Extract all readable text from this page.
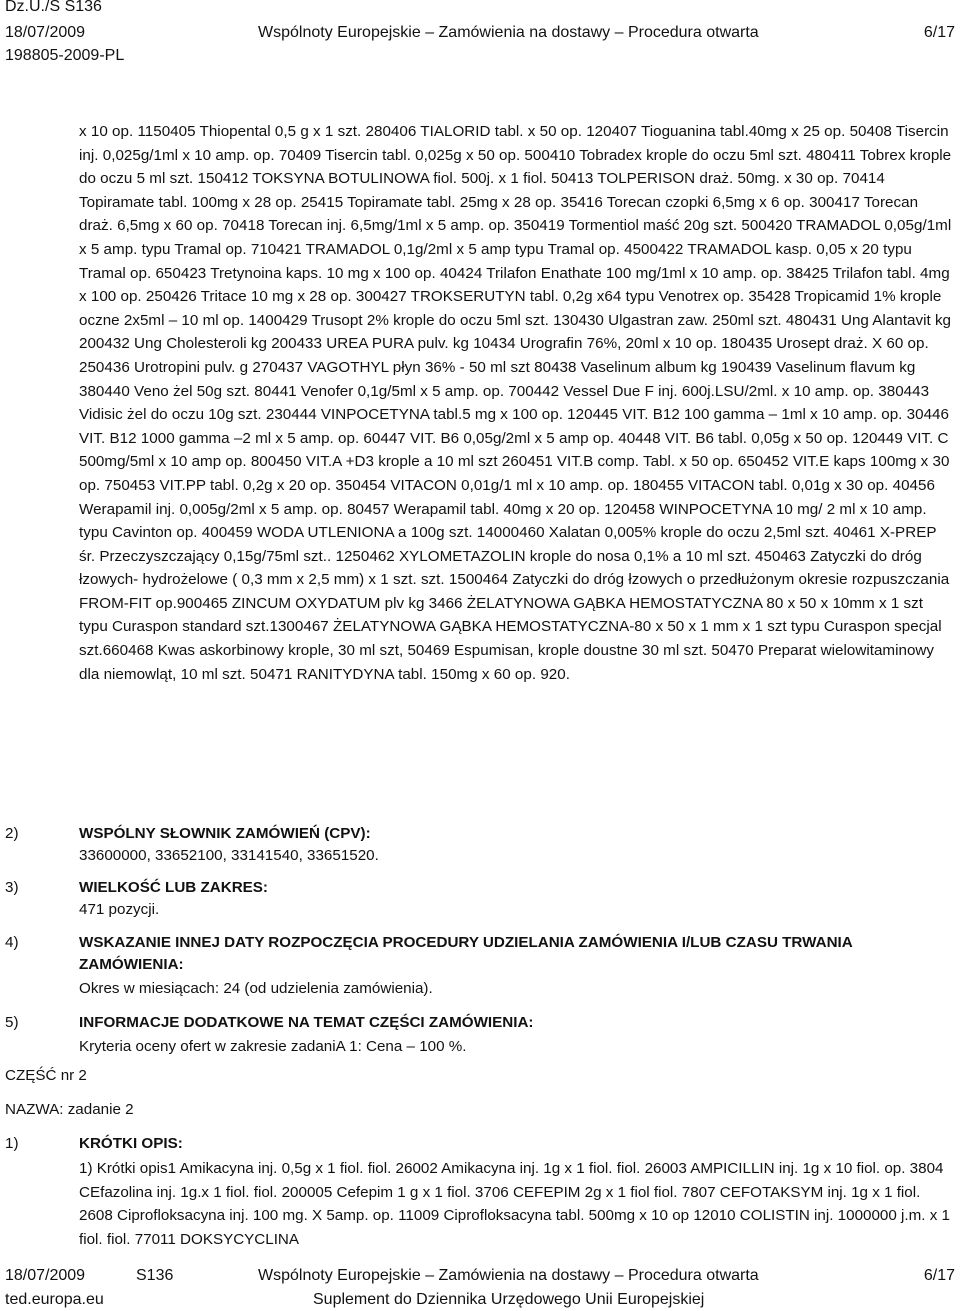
Dz.U./S S136
18/07/2009	Wspólnoty Europejskie – Zamówienia na dostawy – Procedura otwarta	6/17
198805-2009-PL
x 10 op. 1150405 Thiopental 0,5 g x 1 szt. 280406 TIALORID tabl. x 50 op. 120407 Tioguanina tabl.40mg x 25 op. 50408 Tisercin inj. 0,025g/1ml x 10 amp. op. 70409 Tisercin tabl. 0,025g x 50 op. 500410 Tobradex krople do oczu 5ml szt. 480411 Tobrex krople do oczu 5 ml szt. 150412 TOKSYNA BOTULINOWA fiol. 500j. x 1 fiol. 50413 TOLPERISON draż. 50mg. x 30 op. 70414 Topiramate tabl. 100mg x 28 op. 25415 Topiramate tabl. 25mg x 28 op. 35416 Torecan czopki 6,5mg x 6 op. 300417 Torecan draż. 6,5mg x 60 op. 70418 Torecan inj. 6,5mg/1ml x 5 amp. op. 350419 Tormentiol maść 20g szt. 500420 TRAMADOL 0,05g/1ml x 5 amp. typu Tramal op. 710421 TRAMADOL 0,1g/2ml x 5 amp typu Tramal op. 4500422 TRAMADOL kasp. 0,05 x 20 typu Tramal op. 650423 Tretynoina kaps. 10 mg x 100 op. 40424 Trilafon Enathate 100 mg/1ml x 10 amp. op. 38425 Trilafon tabl. 4mg x 100 op. 250426 Tritace 10 mg x 28 op. 300427 TROKSERUTYN tabl. 0,2g x64 typu Venotrex op. 35428 Tropicamid 1% krople oczne 2x5ml – 10 ml op. 1400429 Trusopt 2% krople do oczu 5ml szt. 130430 Ulgastran zaw. 250ml szt. 480431 Ung Alantavit kg 200432 Ung Cholesteroli kg 200433 UREA PURA pulv. kg 10434 Urografin 76%, 20ml x 10 op. 180435 Urosept draż. X 60 op. 250436 Urotropini pulv. g 270437 VAGOTHYL płyn 36% - 50 ml szt 80438 Vaselinum album kg 190439 Vaselinum flavum kg 380440 Veno żel 50g szt. 80441 Venofer 0,1g/5ml x 5 amp. op. 700442 Vessel Due F inj. 600j.LSU/2ml. x 10 amp. op. 380443 Vidisic żel do oczu 10g szt. 230444 VINPOCETYNA tabl.5 mg x 100 op. 120445 VIT. B12 100 gamma – 1ml x 10 amp. op. 30446 VIT. B12 1000 gamma –2 ml x 5 amp. op. 60447 VIT. B6 0,05g/2ml x 5 amp op. 40448 VIT. B6 tabl. 0,05g x 50 op. 120449 VIT. C 500mg/5ml x 10 amp op. 800450 VIT.A +D3 krople a 10 ml szt 260451 VIT.B comp. Tabl. x 50 op. 650452 VIT.E kaps 100mg x 30 op. 750453 VIT.PP tabl. 0,2g x 20 op. 350454 VITACON 0,01g/1 ml x 10 amp. op. 180455 VITACON tabl. 0,01g x 30 op. 40456 Werapamil inj. 0,005g/2ml x 5 amp. op. 80457 Werapamil tabl. 40mg x 20 op. 120458 WINPOCETYNA 10 mg/ 2 ml x 10 amp. typu Cavinton op. 400459 WODA UTLENIONA a 100g szt. 14000460 Xalatan 0,005% krople do oczu 2,5ml szt. 40461 X-PREP śr. Przeczyszczający 0,15g/75ml szt.. 1250462 XYLOMETAZOLIN krople do nosa 0,1% a 10 ml szt. 450463 Zatyczki do dróg łzowych- hydrożelowe ( 0,3 mm x 2,5 mm) x 1 szt. szt. 1500464 Zatyczki do dróg łzowych o przedłużonym okresie rozpuszczania FROM-FIT op.900465 ZINCUM OXYDATUM plv kg 3466 ŻELATYNOWA GĄBKA HEMOSTATYCZNA 80 x 50 x 10mm x 1 szt typu Curaspon standard szt.1300467 ŻELATYNOWA GĄBKA HEMOSTATYCZNA-80 x 50 x 1 mm x 1 szt typu Curaspon specjal szt.660468 Kwas askorbinowy krople, 30 ml szt, 50469 Espumisan, krople doustne 30 ml szt. 50470 Preparat wielowitaminowy dla niemowląt, 10 ml szt. 50471 RANITYDYNA tabl. 150mg x 60 op. 920.
2)	WSPÓLNY SŁOWNIK ZAMÓWIEŃ (CPV):
33600000, 33652100, 33141540, 33651520.
3)	WIELKOŚĆ LUB ZAKRES:
471 pozycji.
4)	WSKAZANIE INNEJ DATY ROZPOCZĘCIA PROCEDURY UDZIELANIA ZAMÓWIENIA I/LUB CZASU TRWANIA ZAMÓWIENIA:
Okres w miesiącach: 24 (od udzielenia zamówienia).
5)	INFORMACJE DODATKOWE NA TEMAT CZĘŚCI ZAMÓWIENIA:
Kryteria oceny ofert w zakresie zadaniA 1: Cena – 100 %.
CZĘŚĆ nr 2
NAZWA: zadanie 2
1)	KRÓTKI OPIS:
1) Krótki opis1 Amikacyna inj. 0,5g x 1 fiol. fiol. 26002 Amikacyna inj. 1g x 1 fiol. fiol. 26003 AMPICILLIN inj. 1g x 10 fiol. op. 3804 CEfazolina inj. 1g.x 1 fiol. fiol. 200005 Cefepim 1 g x 1 fiol. 3706 CEFEPIM 2g x 1 fiol fiol. 7807 CEFOTAKSYM inj. 1g x 1 fiol. 2608 Ciprofloksacyna inj. 100 mg. X 5amp. op. 11009 Ciprofloksacyna tabl. 500mg x 10 op 12010 COLISTIN inj. 1000000 j.m. x 1 fiol. fiol. 77011 DOKSYCYCLINA
18/07/2009	S136	Wspólnoty Europejskie – Zamówienia na dostawy – Procedura otwarta	6/17
ted.europa.eu	Suplement do Dziennika Urzędowego Unii Europejskiej
